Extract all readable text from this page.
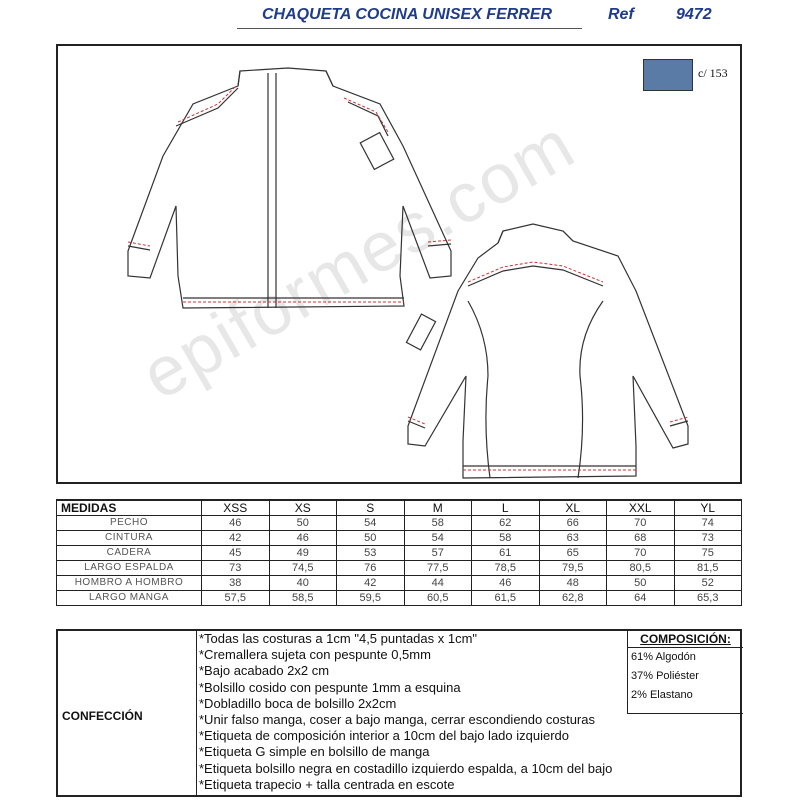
CHAQUETA COCINA UNISEX FERRER	Ref	9472
epiformes.com
c/ 153
MEDIDAS	XSS	XS	S	M	L	XL	XXL	YL
PECHO	46	50	54	58	62	66	70	74
CINTURA	42	46	50	54	58	63	68	73
CADERA	45	49	53	57	61	65	70	75
LARGO ESPALDA	73	74,5	76	77,5	78,5	79,5	80,5	81,5
HOMBRO A HOMBRO	38	40	42	44	46	48	50	52
LARGO MANGA	57,5	58,5	59,5	60,5	61,5	62,8	64	65,3
CONFECCIÓN
*Todas las costuras a 1cm "4,5 puntadas x 1cm"
*Cremallera sujeta con pespunte 0,5mm
*Bajo acabado 2x2 cm
*Bolsillo cosido con pespunte 1mm a esquina
*Dobladillo boca de bolsillo 2x2cm
*Unir falso manga, coser a bajo manga, cerrar escondiendo costuras
*Etiqueta de composición interior a 10cm del bajo lado izquierdo
*Etiqueta G simple en bolsillo de manga
*Etiqueta bolsillo negra en costadillo izquierdo espalda, a 10cm del bajo
*Etiqueta trapecio + talla centrada en escote
COMPOSICIÓN:
61% Algodón
37% Poliéster
2% Elastano
